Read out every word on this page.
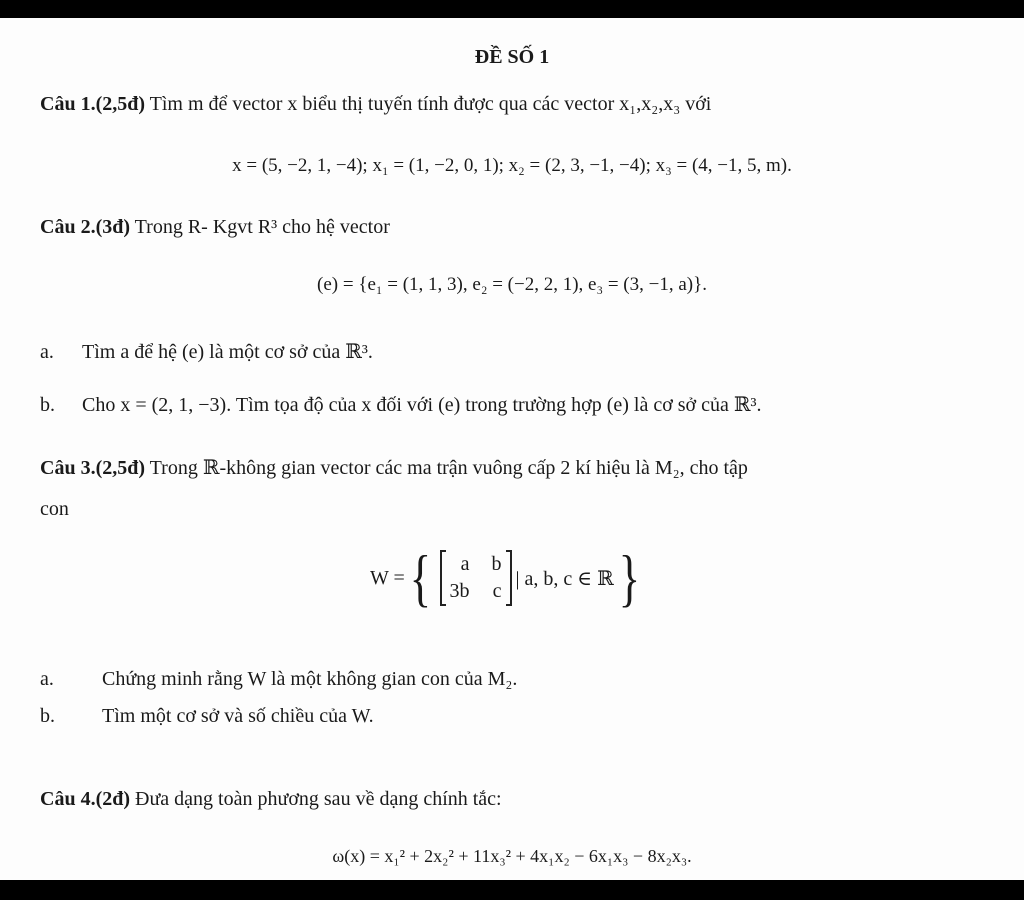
ĐỀ SỐ 1
Câu 1.(2,5đ) Tìm m để vector x biểu thị tuyến tính được qua các vector x₁,x₂,x₃ với
x = (5, −2, 1, −4); x₁ = (1, −2, 0, 1); x₂ = (2, 3, −1, −4); x₃ = (4, −1, 5, m).
Câu 2.(3đ) Trong R- Kgvt R³ cho hệ vector
(e) = {e₁ = (1, 1, 3), e₂ = (−2, 2, 1), e₃ = (3, −1, a)}.
a. Tìm a để hệ (e) là một cơ sở của ℝ³.
b. Cho x = (2, 1, −3). Tìm tọa độ của x đối với (e) trong trường hợp (e) là cơ sở của ℝ³.
Câu 3.(2,5đ) Trong ℝ-không gian vector các ma trận vuông cấp 2 kí hiệu là M₂, cho tập
con
W = {	a b
3b c
| a, b, c ∈ ℝ }
a. Chứng minh rằng W là một không gian con của M₂.
b. Tìm một cơ sở và số chiều của W.
Câu 4.(2đ) Đưa dạng toàn phương sau về dạng chính tắc:
ω(x) = x₁² + 2x₂² + 11x₃² + 4x₁x₂ − 6x₁x₃ − 8x₂x₃.
